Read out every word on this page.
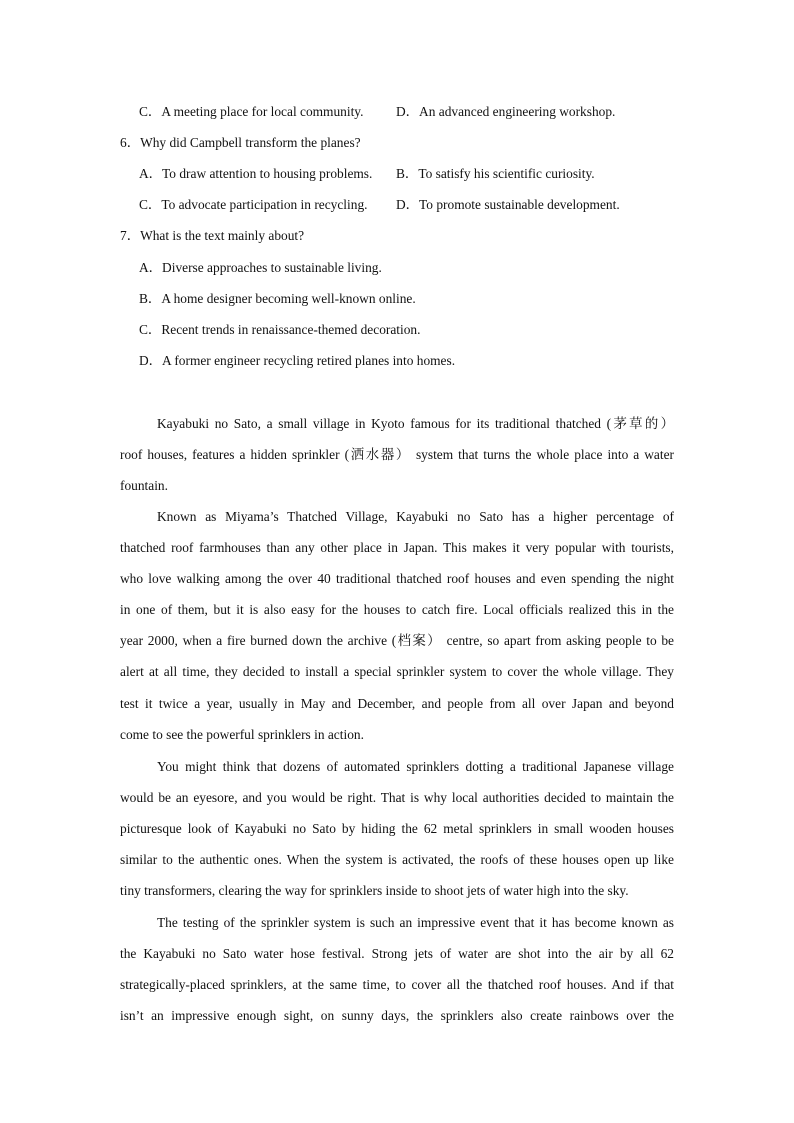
C．A meeting place for local community. D．An advanced engineering workshop.
6．Why did Campbell transform the planes?
A．To draw attention to housing problems. B．To satisfy his scientific curiosity.
C．To advocate participation in recycling. D．To promote sustainable development.
7．What is the text mainly about?
A．Diverse approaches to sustainable living.
B．A home designer becoming well-known online.
C．Recent trends in renaissance-themed decoration.
D．A former engineer recycling retired planes into homes.
Kayabuki no Sato, a small village in Kyoto famous for its traditional thatched (茅草的）
roof houses, features a hidden sprinkler (洒水器） system that turns the whole place into a water
fountain.
Known as Miyama’s Thatched Village, Kayabuki no Sato has a higher percentage of
thatched roof farmhouses than any other place in Japan. This makes it very popular with tourists,
who love walking among the over 40 traditional thatched roof houses and even spending the night
in one of them, but it is also easy for the houses to catch fire. Local officials realized this in the
year 2000, when a fire burned down the archive (档案） centre, so apart from asking people to be
alert at all time, they decided to install a special sprinkler system to cover the whole village. They
test it twice a year, usually in May and December, and people from all over Japan and beyond
come to see the powerful sprinklers in action.
You might think that dozens of automated sprinklers dotting a traditional Japanese village
would be an eyesore, and you would be right. That is why local authorities decided to maintain the
picturesque look of Kayabuki no Sato by hiding the 62 metal sprinklers in small wooden houses
similar to the authentic ones. When the system is activated, the roofs of these houses open up like
tiny transformers, clearing the way for sprinklers inside to shoot jets of water high into the sky.
The testing of the sprinkler system is such an impressive event that it has become known as
the Kayabuki no Sato water hose festival. Strong jets of water are shot into the air by all 62
strategically-placed sprinklers, at the same time, to cover all the thatched roof houses. And if that
isn’t an impressive enough sight, on sunny days, the sprinklers also create rainbows over the
